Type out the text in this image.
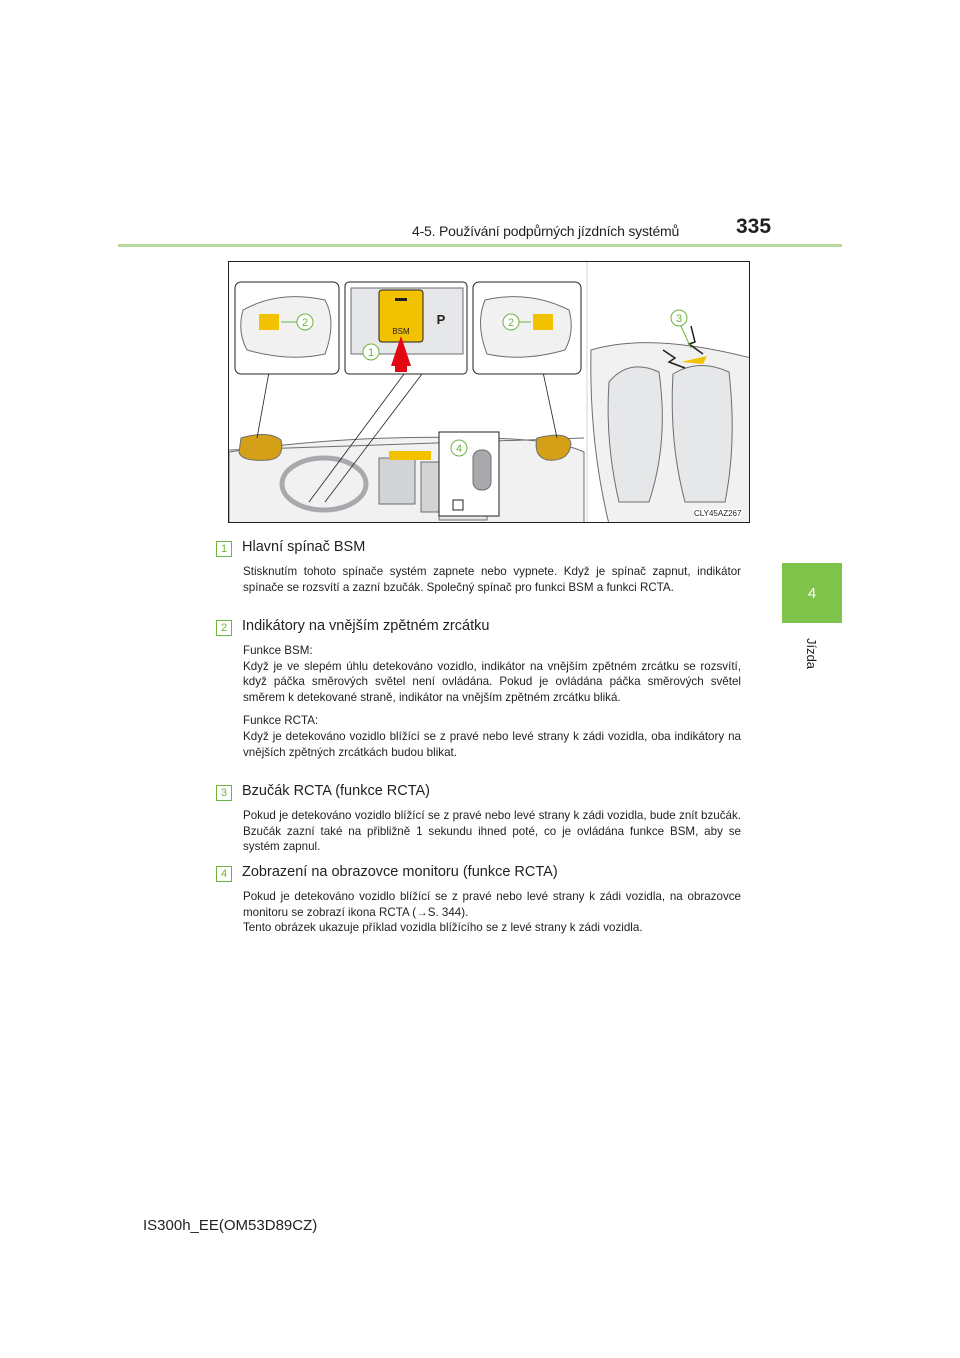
4-5. Používání podpůrných jízdních systémů	335
4
Jízda
BSM
P
1
2	2	3
4
CLY45AZ267
1	Hlavní spínač BSM

Stisknutím tohoto spínače systém zapnete nebo vypnete. Když je spínač zapnut, indikátor spínače se rozsvítí a zazní bzučák. Společný spínač pro funkci BSM a funkci RCTA.

2	Indikátory na vnějším zpětném zrcátku

Funkce BSM:

Když je ve slepém úhlu detekováno vozidlo, indikátor na vnějším zpětném zrcátku se rozsvítí, když páčka směrových světel není ovládána. Pokud je ovládána páčka směrových světel směrem k detekované straně, indikátor na vnějším zpětném zrcátku bliká.

Funkce RCTA:

Když je detekováno vozidlo blížící se z pravé nebo levé strany k zádi vozidla, oba indikátory na vnějších zpětných zrcátkách budou blikat.

3	Bzučák RCTA (funkce RCTA)

Pokud je detekováno vozidlo blížící se z pravé nebo levé strany k zádi vozidla, bude znít bzučák. Bzučák zazní také na přibližně 1 sekundu ihned poté, co je ovládána funkce BSM, aby se systém zapnul.

4	Zobrazení na obrazovce monitoru (funkce RCTA)

Pokud je detekováno vozidlo blížící se z pravé nebo levé strany k zádi vozidla, na obrazovce monitoru se zobrazí ikona RCTA (→S. 344).

Tento obrázek ukazuje příklad vozidla blížícího se z levé strany k zádi vozidla.

IS300h_EE(OM53D89CZ)
